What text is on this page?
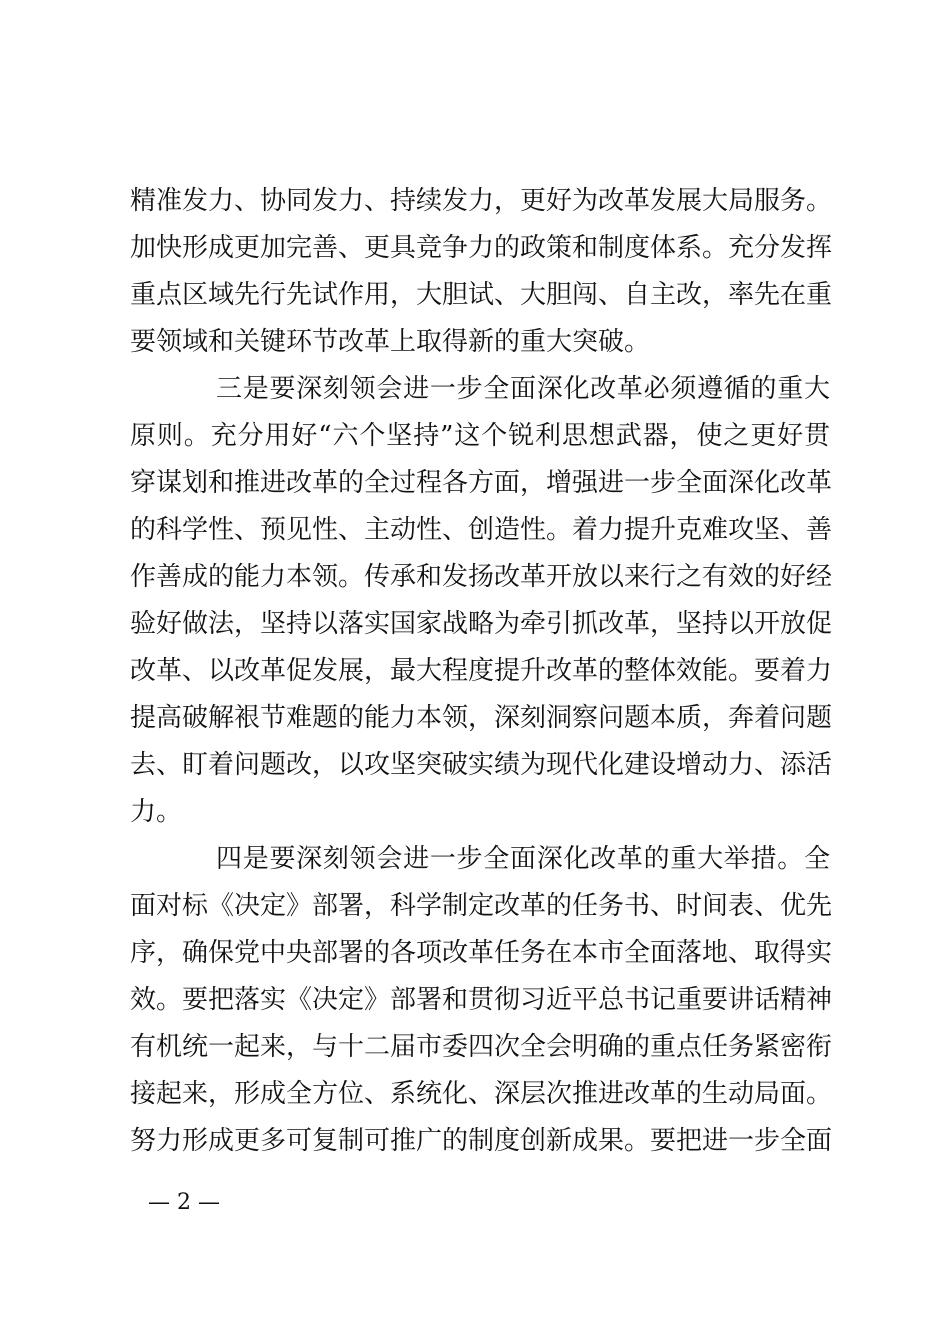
精准发力、协同发力、持续发力，更好为改革发展大局服务。
加快形成更加完善、更具竞争力的政策和制度体系。充分发挥
重点区域先行先试作用，大胆试、大胆闯、自主改，率先在重
要领域和关键环节改革上取得新的重大突破。
三是要深刻领会进一步全面深化改革必须遵循的重大
原则。充分用好“六个坚持”这个锐利思想武器，使之更好贯
穿谋划和推进改革的全过程各方面，增强进一步全面深化改革
的科学性、预见性、主动性、创造性。着力提升克难攻坚、善
作善成的能力本领。传承和发扬改革开放以来行之有效的好经
验好做法，坚持以落实国家战略为牵引抓改革，坚持以开放促
改革、以改革促发展，最大程度提升改革的整体效能。要着力
提高破解裉节难题的能力本领，深刻洞察问题本质，奔着问题
去、盯着问题改，以攻坚突破实绩为现代化建设增动力、添活
力。
四是要深刻领会进一步全面深化改革的重大举措。全
面对标《决定》部署，科学制定改革的任务书、时间表、优先
序，确保党中央部署的各项改革任务在本市全面落地、取得实
效。要把落实《决定》部署和贯彻习近平总书记重要讲话精神
有机统一起来，与十二届市委四次全会明确的重点任务紧密衔
接起来，形成全方位、系统化、深层次推进改革的生动局面。
努力形成更多可复制可推广的制度创新成果。要把进一步全面
— 2 —
